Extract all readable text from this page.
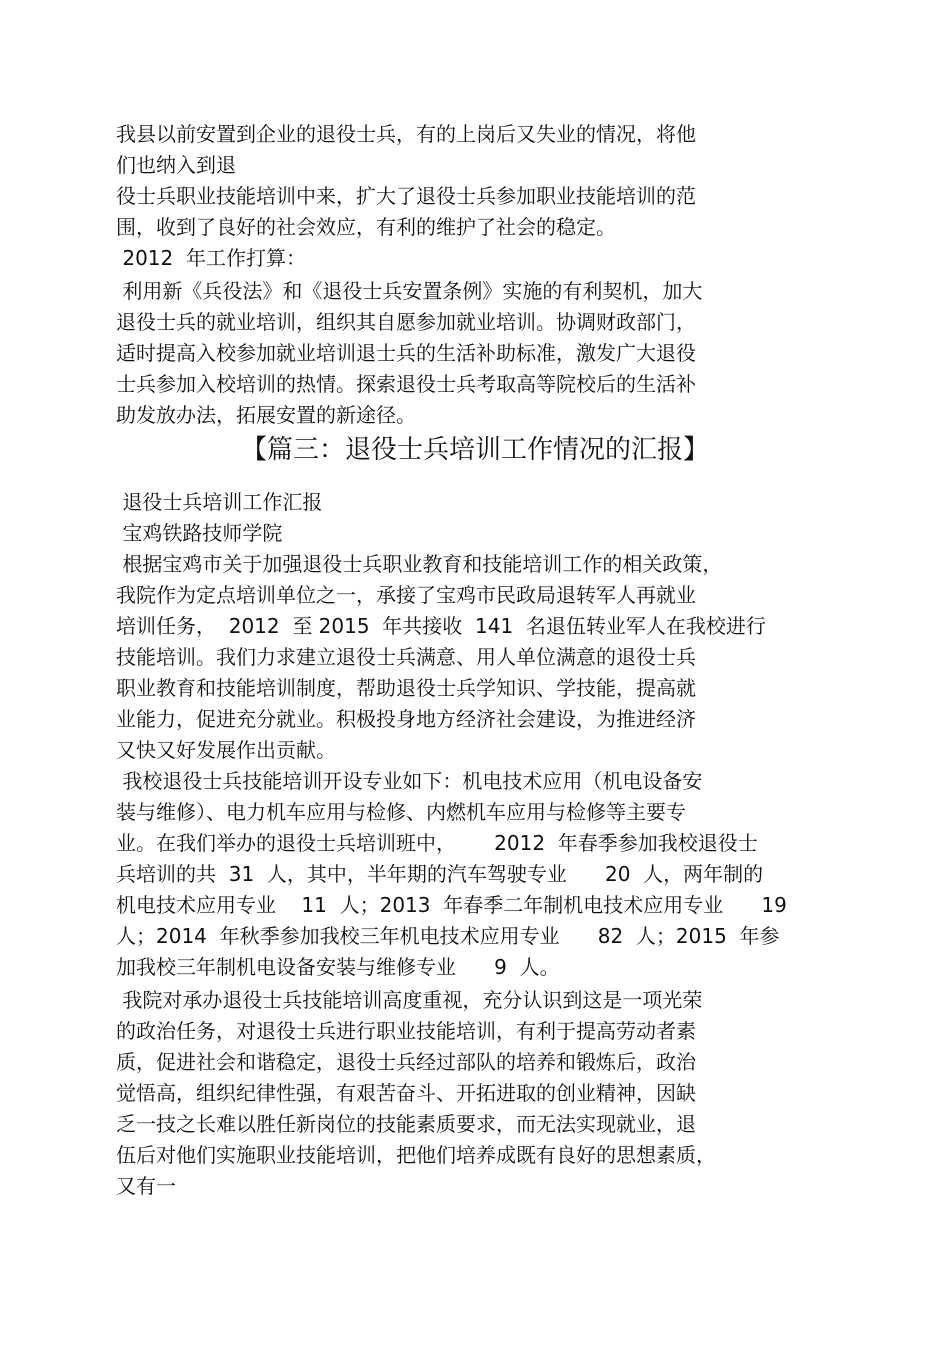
我县以前安置到企业的退役士兵，有的上岗后又失业的情况，将他
们也纳入到退
役士兵职业技能培训中来，扩大了退役士兵参加职业技能培训的范
围，收到了良好的社会效应，有利的维护了社会的稳定。
2012  年工作打算：
利用新《兵役法》和《退役士兵安置条例》实施的有利契机，加大
退役士兵的就业培训，组织其自愿参加就业培训。协调财政部门，
适时提高入校参加就业培训退士兵的生活补助标准，激发广大退役
士兵参加入校培训的热情。探索退役士兵考取高等院校后的生活补
助发放办法，拓展安置的新途径。
【篇三：退役士兵培训工作情况的汇报】
退役士兵培训工作汇报
宝鸡铁路技师学院
根据宝鸡市关于加强退役士兵职业教育和技能培训工作的相关政策，
我院作为定点培训单位之一，承接了宝鸡市民政局退转军人再就业
培训任务，  2012  至 2015  年共接收  141  名退伍转业军人在我校进行
技能培训。我们力求建立退役士兵满意、用人单位满意的退役士兵
职业教育和技能培训制度，帮助退役士兵学知识、学技能，提高就
业能力，促进充分就业。积极投身地方经济社会建设，为推进经济
又快又好发展作出贡献。
我校退役士兵技能培训开设专业如下：机电技术应用（机电设备安
装与维修）、电力机车应用与检修、内燃机车应用与检修等主要专
业。在我们举办的退役士兵培训班中，      2012  年春季参加我校退役士
兵培训的共  31  人，其中，半年期的汽车驾驶专业      20  人，两年制的
机电技术应用专业    11  人；2013  年春季二年制机电技术应用专业      19
人；2014  年秋季参加我校三年机电技术应用专业      82  人；2015  年参
加我校三年制机电设备安装与维修专业      9  人。
我院对承办退役士兵技能培训高度重视，充分认识到这是一项光荣
的政治任务，对退役士兵进行职业技能培训，有利于提高劳动者素
质，促进社会和谐稳定，退役士兵经过部队的培养和锻炼后，政治
觉悟高，组织纪律性强，有艰苦奋斗、开拓进取的创业精神，因缺
乏一技之长难以胜任新岗位的技能素质要求，而无法实现就业，退
伍后对他们实施职业技能培训，把他们培养成既有良好的思想素质，
又有一
